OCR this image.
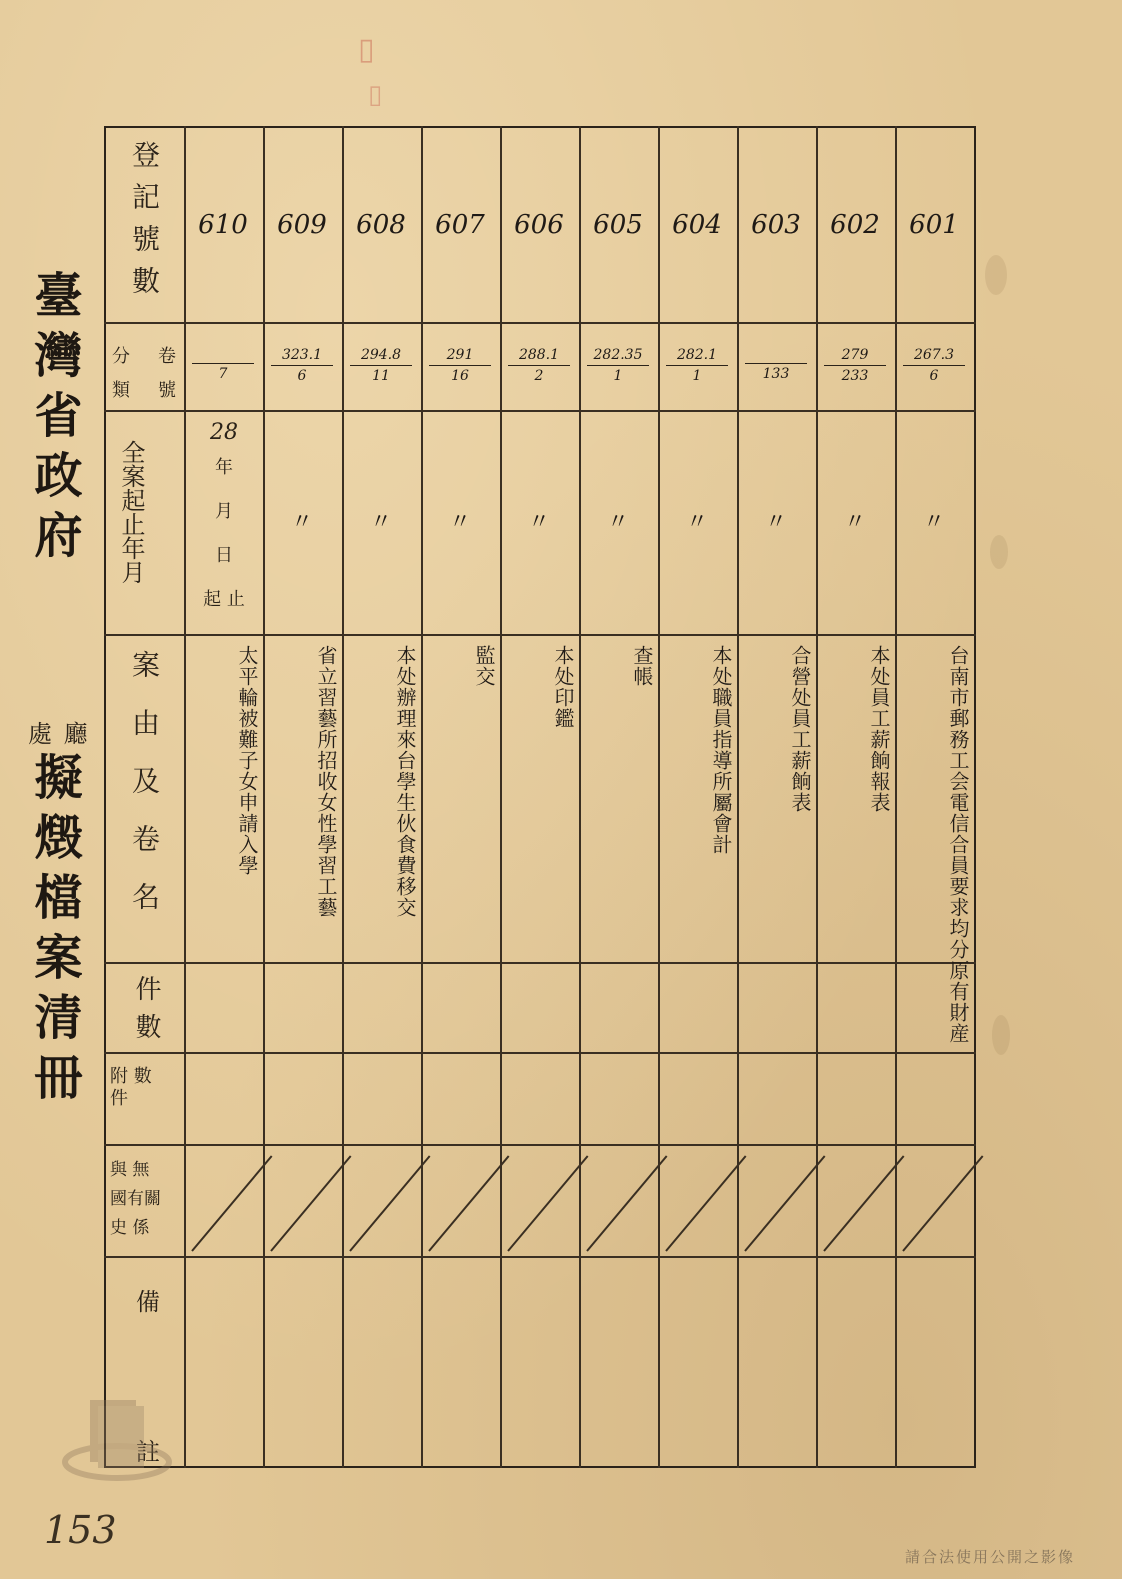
▯
▯
臺灣省政府
處 廳
擬燬檔案清冊
登記號數
分卷
類號
全案起止年月
案由及卷名
件數
附 數
件
與 無
國有關
史 係
備
註
28
年
月
日
起 止
610
7
太平輪被難子女申請入學
609
323.1
6
〃
省立習藝所招收女性學習工藝
608
294.8
11
〃
本处辦理來台學生伙食費移交
607
291
16
〃
監交
606
288.1
2
〃
本处印鑑
605
282.35
1
〃
查帳
604
282.1
1
〃
本处職員指導所屬會計
603
133
〃
合營处員工薪餉表
602
279
233
〃
本处員工薪餉報表
601
267.3
6
〃
台南市郵務工会電信合員要求均分原有財産
153
請合法使用公開之影像
